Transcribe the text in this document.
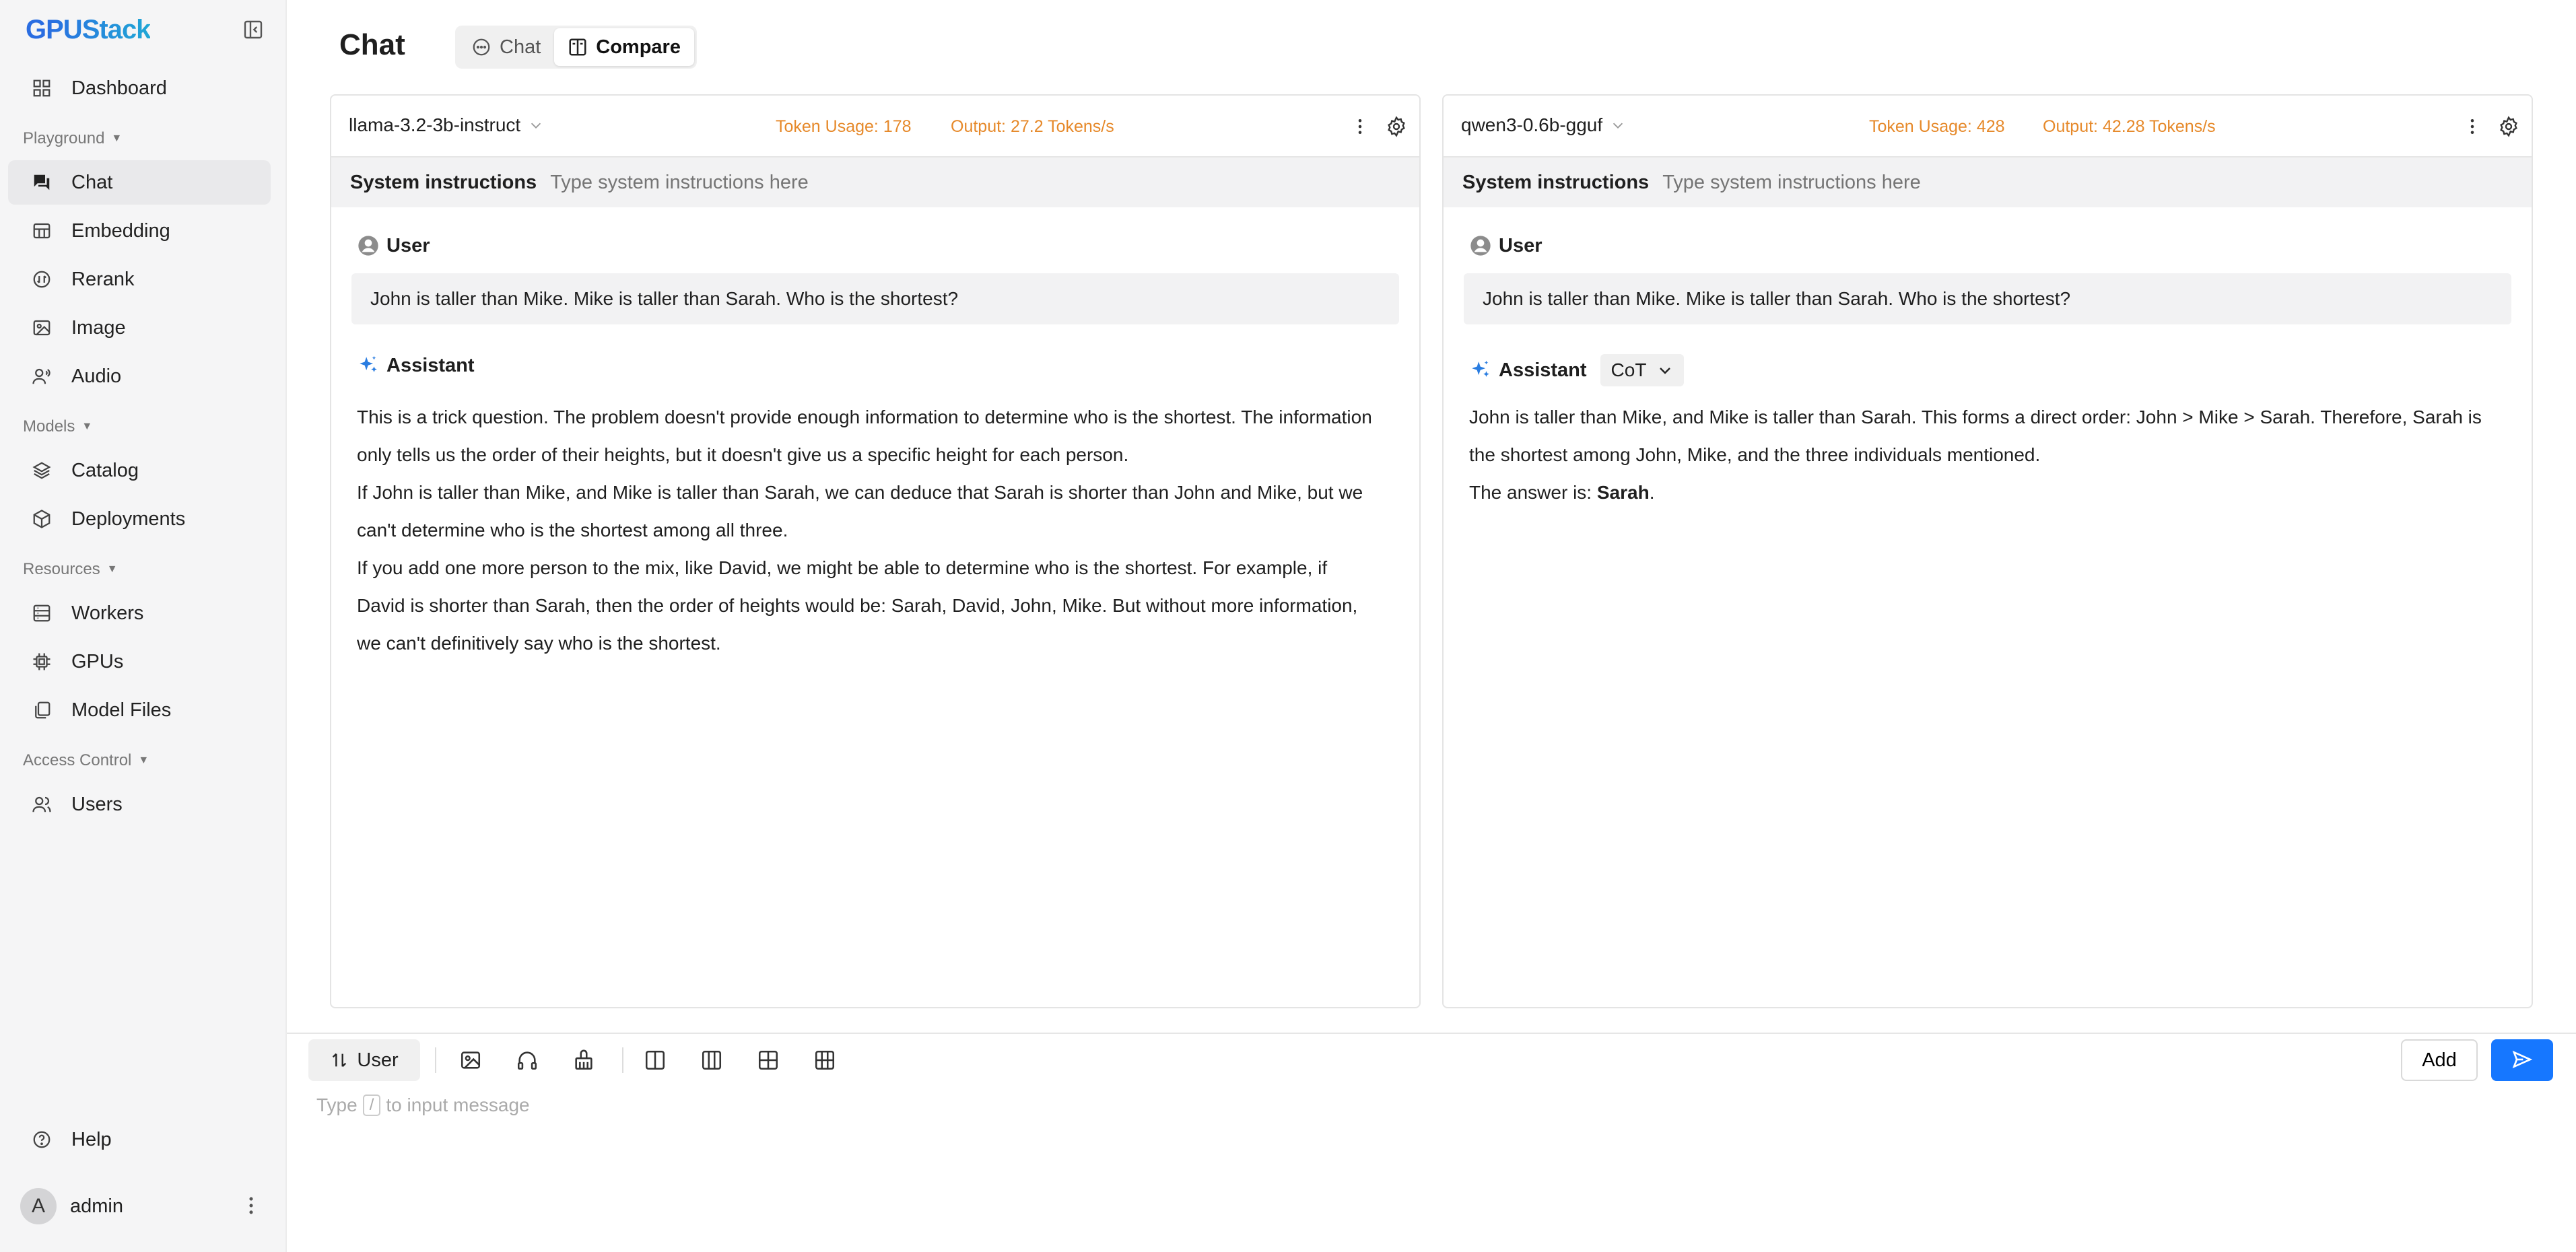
GPUStack
Dashboard
Playground ▼
Chat
Embedding
Rerank
Image
Audio
Models ▼
Catalog
Deployments
Resources ▼
Workers
GPUs
Model Files
Access Control ▼
Users
Help
A	admin
Chat	Chat	Compare
llama-3.2-3b-instruct	Token Usage: 178 Output: 27.2 Tokens/s
System instructions
Type system instructions here
User
John is taller than Mike. Mike is taller than Sarah. Who is the shortest?
Assistant

This is a trick question. The problem doesn't provide enough information to determine who is the shortest. The information only tells us the order of their heights, but it doesn't give us a specific height for each person.

If John is taller than Mike, and Mike is taller than Sarah, we can deduce that Sarah is shorter than John and Mike, but we can't determine who is the shortest among all three.

If you add one more person to the mix, like David, we might be able to determine who is the shortest. For example, if David is shorter than Sarah, then the order of heights would be: Sarah, David, John, Mike. But without more information, we can't definitively say who is the shortest.

qwen3-0.6b-gguf	Token Usage: 428 Output: 42.28 Tokens/s
System instructions
Type system instructions here
User
John is taller than Mike. Mike is taller than Sarah. Who is the shortest?
Assistant CoT

John is taller than Mike, and Mike is taller than Sarah. This forms a direct order: John > Mike > Sarah. Therefore, Sarah is the shortest among John, Mike, and the three individuals mentioned.

The answer is: Sarah.

User	Add
Type / to input message
